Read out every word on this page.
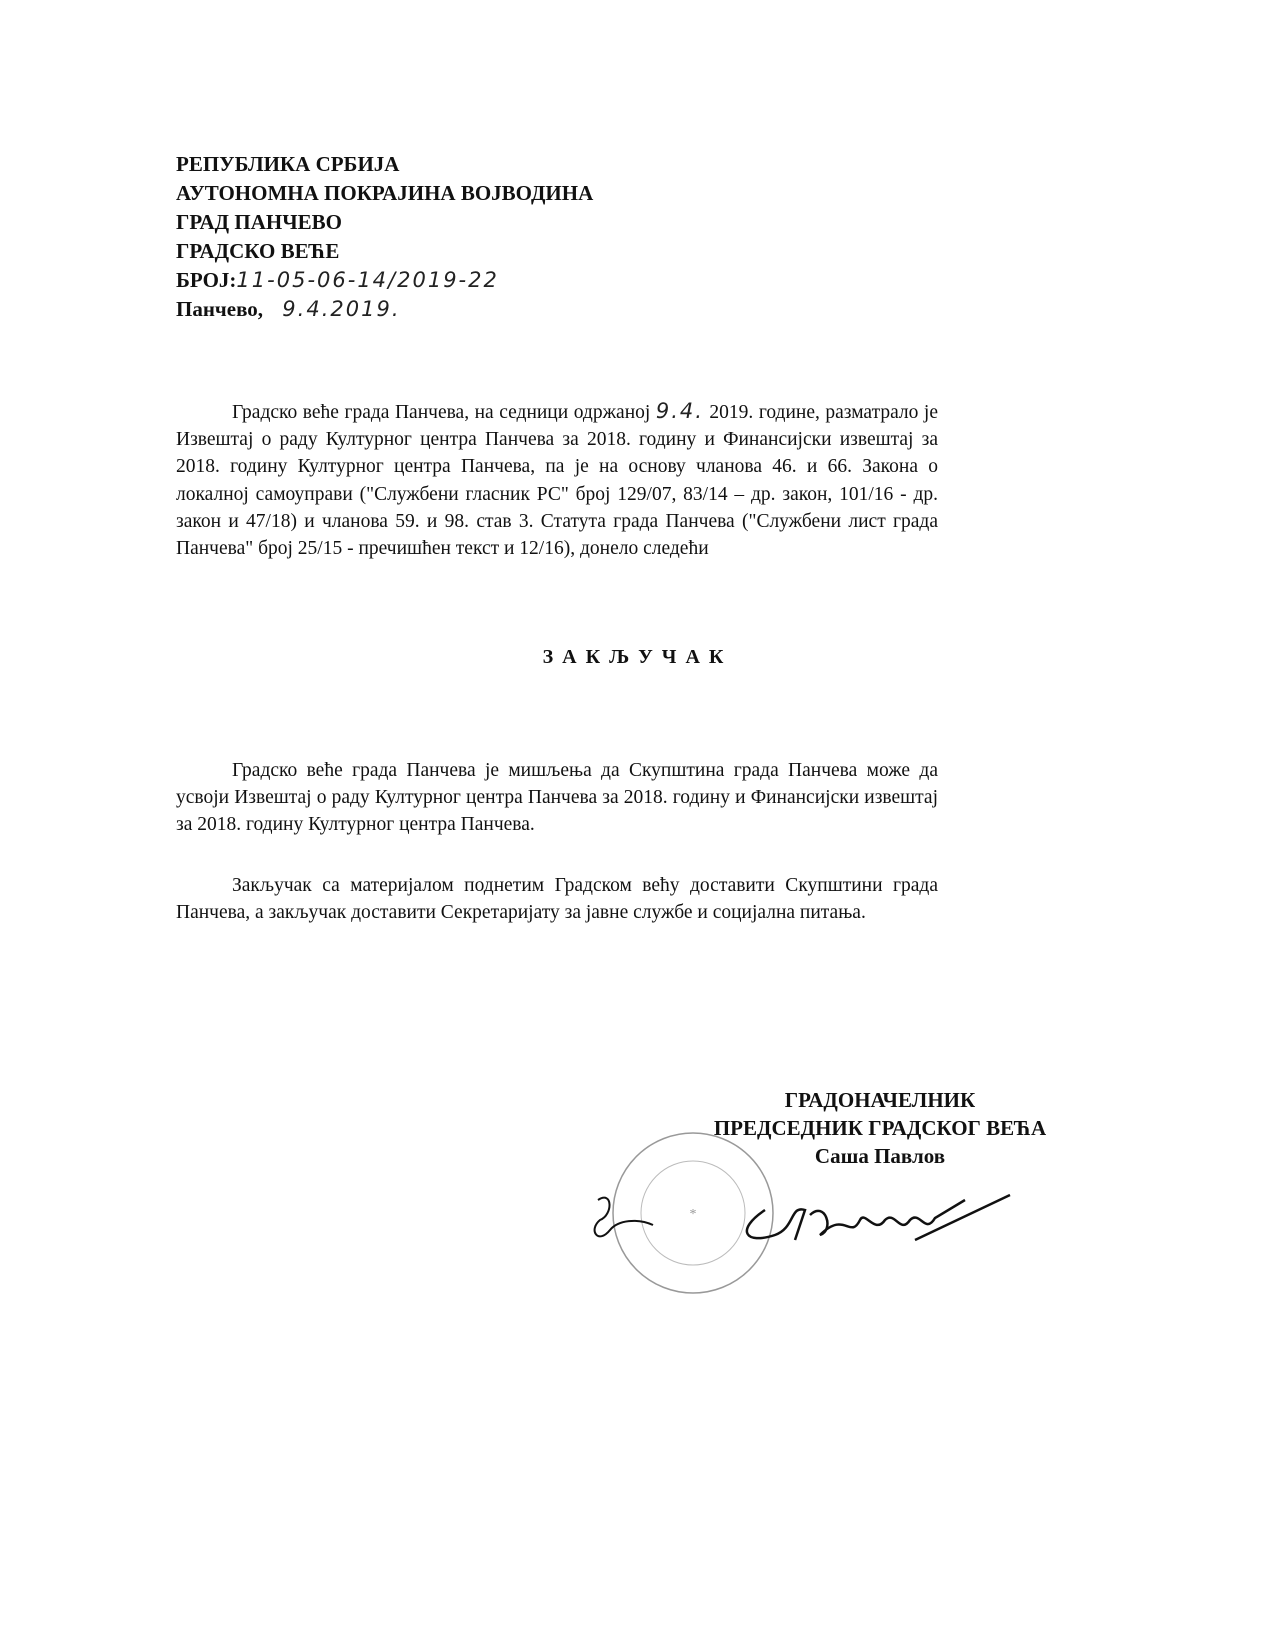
РЕПУБЛИКА СРБИЈА
АУТОНОМНА ПОКРАЈИНА ВОЈВОДИНА
ГРАД ПАНЧЕВО
ГРАДСКО ВЕЋЕ
БРОЈ:11-05-06-14/2019-22
Панчево, 9.4.2019.
Градско веће града Панчева, на седници одржаној 9.4. 2019. године, разматрало је Извештај о раду Културног центра Панчева за 2018. годину и Финансијски извештај за 2018. годину Културног центра Панчева, па је на основу чланова 46. и 66. Закона о локалној самоуправи ("Службени гласник РС" број 129/07, 83/14 – др. закон, 101/16 - др. закон и 47/18) и чланова 59. и 98. став 3. Статута града Панчева ("Службени лист града Панчева" број 25/15 - пречишћен текст и 12/16), донело следећи
ЗАКЉУЧАК
Градско веће града Панчева је мишљења да Скупштина града Панчева може да усвоји Извештај о раду Културног центра Панчева за 2018. годину и Финансијски извештај за 2018. годину Културног центра Панчева.
Закључак са материјалом поднетим Градском већу доставити Скупштини града Панчева, а закључак доставити Секретаријату за јавне службе и социјална питања.
*
ГРАДОНАЧЕЛНИК
ПРЕДСЕДНИК ГРАДСКОГ ВЕЋА
Саша Павлов
